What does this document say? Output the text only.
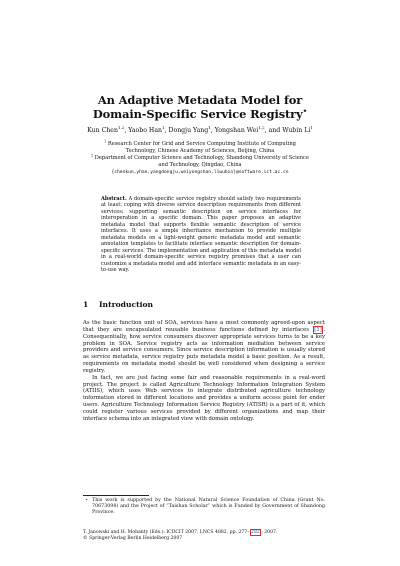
An Adaptive Metadata Model for
Domain-Specific Service Registry⋆
Kun Chen$^{1,2}$, Yaobo Han$^1$, Dongju Yang$^1$, Yongshan Wei$^{1,2}$, and Wubin Li$^1$
$^1$ Research Center for Grid and Service Computing Institute of Computing
Technology, Chinese Academy of Sciences, Beijing, China
$^2$ Department of Computer Science and Technology, Shandong University of Science
and Technology, Qingdao, China
{chenkun,yhan,yangdongju,weiyongshan,liwubin}@software.ict.ac.cn
Abstract. A domain-specific service registry should satisfy two requirements at least: coping with diverse service description requirements from different services; supporting semantic description on service interfaces for interoperation in a specific domain. This paper proposes an adaptive metadata model that supports flexible semantic description of service interfaces. It uses a simple inheritance mechanism to provide multiple metadata models on a light-weight generic metadata model and semantic annotation templates to facilitate interface semantic description for domain-specific services. The implementation and application of this metadata model in a real-world domain-specific service registry promises that a user can customize a metadata model and add interface semantic metadata in an easy-to-use way.
1 Introduction

As the basic function unit of SOA, services have a most commonly agreed-upon aspect that they are encapsulated reusable business functions defined by interfaces [1] . Consequentially, how service consumers discover appropriate services turns to be a key problem in SOA. Service registry acts as information mediation between service providers and service consumers. Since service description information is usually stored as service metadata, service registry puts metadata model a basic position. As a result, requirements on metadata model should be well considered when designing a service registry.

In fact, we are just facing some fair and reasonable requirements in a real-word project. The project is called Agriculture Technology Information Integration System (ATIIS), which uses Web services to integrate distributed agriculture technology information stored in different locations and provides a uniform access point for ender users. Agriculture Technology Information Service Registry (ATISR) is a part of it, which could register various services provided by different organizations and map their interface schema into an integrated view with domain ontology.

⋆ This work is supported by the National Natural Science Foundation of China (Grant No. 70673098) and the Project of “Taishan Scholar” which is Funded by Government of Shandong Province.
T. Janowski and H. Mohanty (Eds.): ICDCIT 2007, LNCS 4882, pp. 277– 282 , 2007.
© Springer-Verlag Berlin Heidelberg 2007
